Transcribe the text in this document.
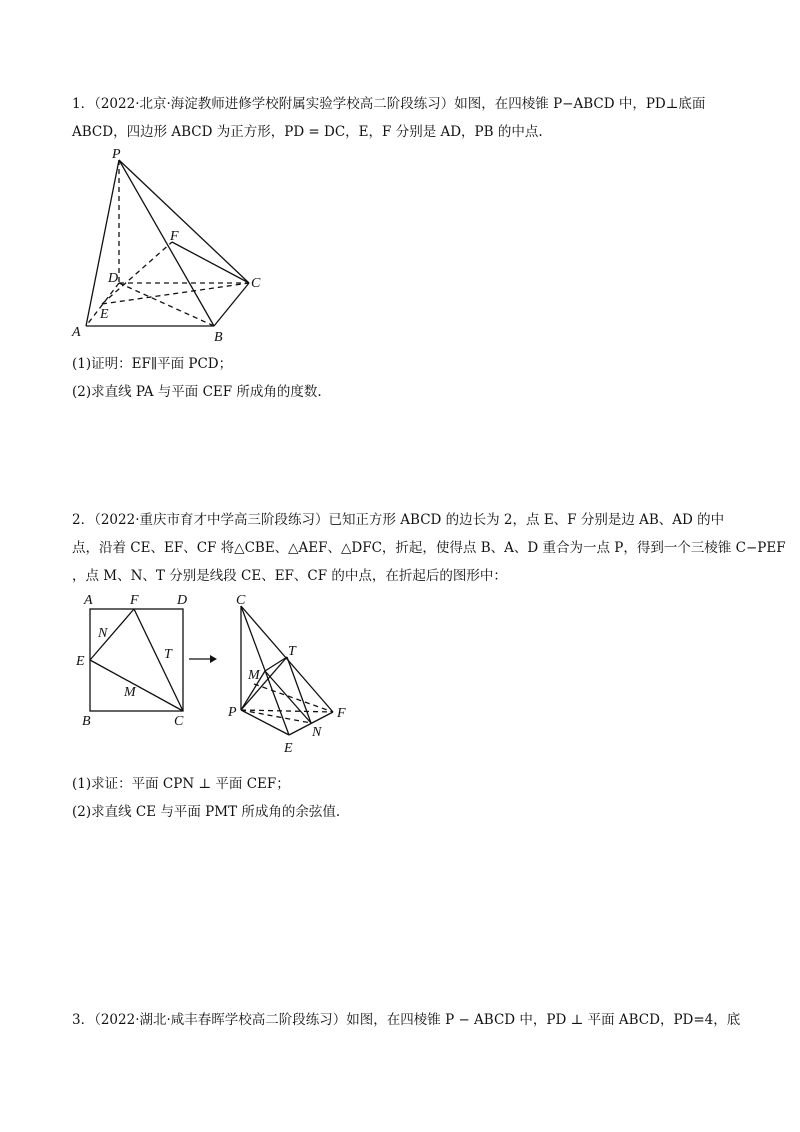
1．（2022·北京·海淀教师进修学校附属实验学校高二阶段练习）如图，在四棱锥 P−ABCD 中，PD⊥底面
ABCD，四边形 ABCD 为正方形，PD = DC，E，F 分别是 AD，PB 的中点.
P
F
D	C
E
A	B
(1)证明：EF∥平面 PCD；
(2)求直线 PA 与平面 CEF 所成角的度数.
2．（2022·重庆市育才中学高三阶段练习）已知正方形 ABCD 的边长为 2，点 E、F 分别是边 AB、AD 的中
点，沿着 CE、EF、CF 将△CBE、△AEF、△DFC，折起，使得点 B、A、D 重合为一点 P，得到一个三棱锥 C−PEF
，点 M、N、T 分别是线段 CE、EF、CF 的中点，在折起后的图形中：
A	F	D
N
E	T
M
B	C
C
T
M
P	F
N
E
(1)求证：平面 CPN ⊥ 平面 CEF；
(2)求直线 CE 与平面 PMT 所成角的余弦值.
3．（2022·湖北·咸丰春晖学校高二阶段练习）如图，在四棱锥 P − ABCD 中，PD ⊥ 平面 ABCD，PD=4，底
